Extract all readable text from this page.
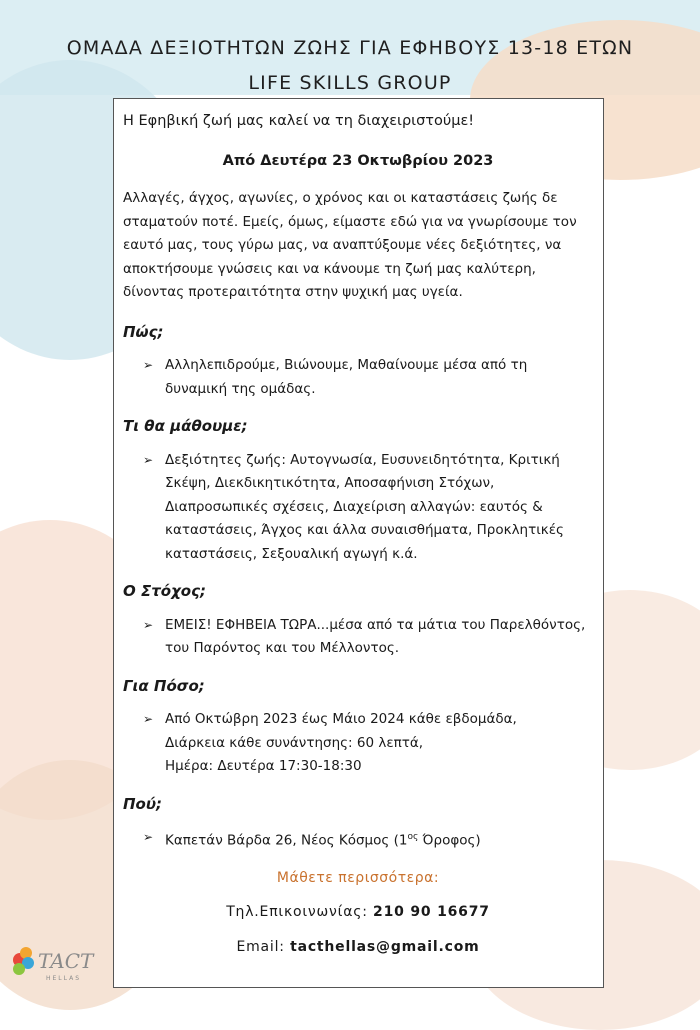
ΟΜΑΔΑ ΔΕΞΙΟΤΗΤΩΝ ΖΩΗΣ ΓΙΑ ΕΦΗΒΟΥΣ 13-18 ΕΤΩΝ
LIFE SKILLS GROUP

Η Εφηβική ζωή μας καλεί να τη διαχειριστούμε!

Από Δευτέρα 23 Οκτωβρίου 2023

Αλλαγές, άγχος, αγωνίες, ο χρόνος και οι καταστάσεις ζωής δε σταματούν ποτέ. Εμείς, όμως, είμαστε εδώ για να γνωρίσουμε τον εαυτό μας, τους γύρω μας, να αναπτύξουμε νέες δεξιότητες, να αποκτήσουμε γνώσεις και να κάνουμε τη ζωή μας καλύτερη, δίνοντας προτεραιτότητα στην ψυχική μας υγεία.

Πώς;
➢ Αλληλεπιδρούμε, Βιώνουμε, Μαθαίνουμε μέσα από τη δυναμική της ομάδας.
Τι θα μάθουμε;
➢ Δεξιότητες ζωής: Αυτογνωσία, Ευσυνειδητότητα, Κριτική Σκέψη, Διεκδικητικότητα, Αποσαφήνιση Στόχων, Διαπροσωπικές σχέσεις, Διαχείριση αλλαγών: εαυτός & καταστάσεις, Άγχος και άλλα συναισθήματα, Προκλητικές καταστάσεις, Σεξουαλική αγωγή κ.ά.
Ο Στόχος;
➢ ΕΜΕΙΣ! ΕΦΗΒΕΙΑ ΤΩΡΑ...μέσα από τα μάτια του Παρελθόντος, του Παρόντος και του Μέλλοντος.
Για Πόσο;
➢ Από Οκτώβρη 2023 έως Μάιο 2024 κάθε εβδομάδα,
Διάρκεια κάθε συνάντησης: 60 λεπτά,
Ημέρα: Δευτέρα 17:30-18:30
Πού;
➢ Καπετάν Βάρδα 26, Νέος Κόσμος ($1^{o\varsigma}$ Όροφος)
Μάθετε περισσότερα:
Τηλ.Επικοινωνίας: 210 90 16677
Email: tacthellas@gmail.com
TACT
HELLAS
